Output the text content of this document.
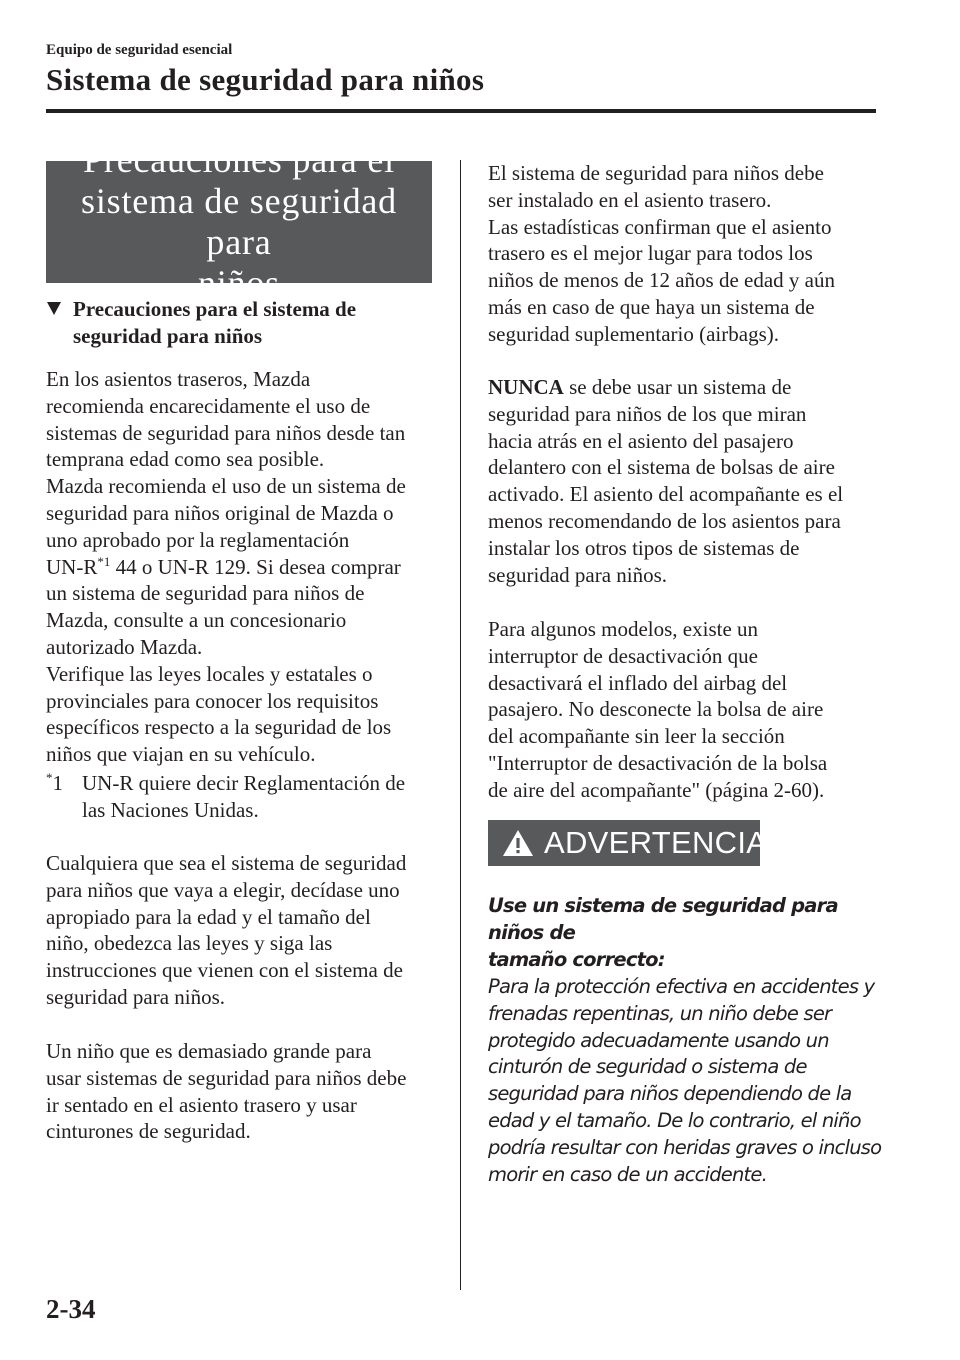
Equipo de seguridad esencial
Sistema de seguridad para niños
Precauciones para el
sistema de seguridad para
niños
Precauciones para el sistema de
seguridad para niños

En los asientos traseros, Mazda

recomienda encarecidamente el uso de

sistemas de seguridad para niños desde tan

temprana edad como sea posible.

Mazda recomienda el uso de un sistema de

seguridad para niños original de Mazda o

uno aprobado por la reglamentación

$UN-R^{*1}$ 44 o UN-R 129. Si desea comprar

un sistema de seguridad para niños de

Mazda, consulte a un concesionario

autorizado Mazda.

Verifique las leyes locales y estatales o

provinciales para conocer los requisitos

específicos respecto a la seguridad de los

niños que viajan en su vehículo.

*1 UN-R quiere decir Reglamentación de

las Naciones Unidas.

Cualquiera que sea el sistema de seguridad

para niños que vaya a elegir, decídase uno

apropiado para la edad y el tamaño del

niño, obedezca las leyes y siga las

instrucciones que vienen con el sistema de

seguridad para niños.

Un niño que es demasiado grande para

usar sistemas de seguridad para niños debe

ir sentado en el asiento trasero y usar

cinturones de seguridad.

El sistema de seguridad para niños debe

ser instalado en el asiento trasero.

Las estadísticas confirman que el asiento

trasero es el mejor lugar para todos los

niños de menos de 12 años de edad y aún

más en caso de que haya un sistema de

seguridad suplementario (airbags).

NUNCA se debe usar un sistema de

seguridad para niños de los que miran

hacia atrás en el asiento del pasajero

delantero con el sistema de bolsas de aire

activado. El asiento del acompañante es el

menos recomendando de los asientos para

instalar los otros tipos de sistemas de

seguridad para niños.

Para algunos modelos, existe un

interruptor de desactivación que

desactivará el inflado del airbag del

pasajero. No desconecte la bolsa de aire

del acompañante sin leer la sección

"Interruptor de desactivación de la bolsa

de aire del acompañante" (página 2-60).

ADVERTENCIA

Use un sistema de seguridad para niños de

tamaño correcto:

Para la protección efectiva en accidentes y

frenadas repentinas, un niño debe ser

protegido adecuadamente usando un

cinturón de seguridad o sistema de

seguridad para niños dependiendo de la

edad y el tamaño. De lo contrario, el niño

podría resultar con heridas graves o incluso

morir en caso de un accidente.

2-34
